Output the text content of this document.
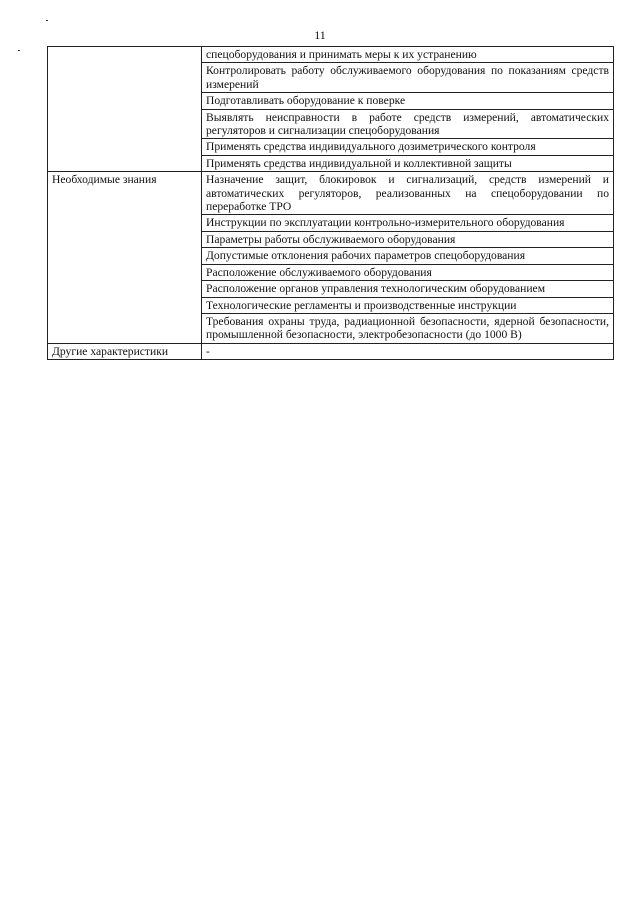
11
	спецоборудования и принимать меры к их устранению
	Контролировать работу обслуживаемого оборудования по показаниям средств измерений
	Подготавливать оборудование к поверке
	Выявлять неисправности в работе средств измерений, автоматических регуляторов и сигнализации спецоборудования
	Применять средства индивидуального дозиметрического контроля
	Применять средства индивидуальной и коллективной защиты
Необходимые знания	Назначение защит, блокировок и сигнализаций, средств измерений и автоматических регуляторов, реализованных на спецоборудовании по переработке ТРО
	Инструкции по эксплуатации контрольно-измерительного оборудования
	Параметры работы обслуживаемого оборудования
	Допустимые отклонения рабочих параметров спецоборудования
	Расположение обслуживаемого оборудования
	Расположение органов управления технологическим оборудованием
	Технологические регламенты и производственные инструкции
	Требования охраны труда, радиационной безопасности, ядерной безопасности, промышленной безопасности, электробезопасности (до 1000 В)
Другие характеристики	-
